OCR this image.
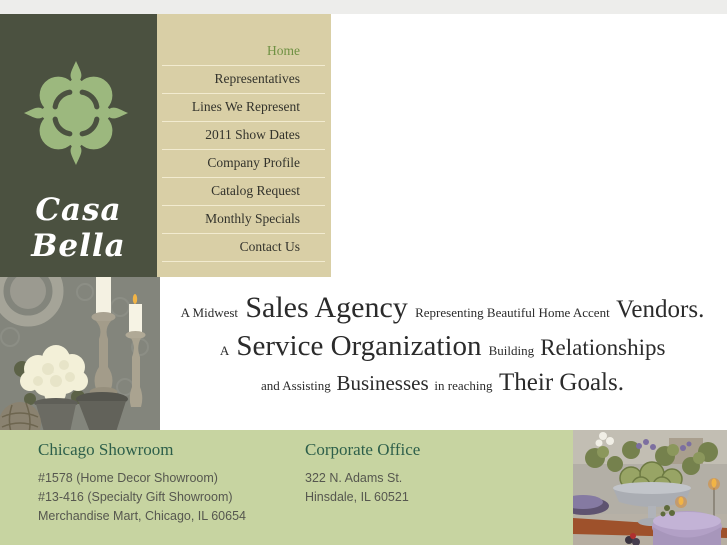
Casa Bella
Home
Representatives
Lines We Represent
2011 Show Dates
Company Profile
Catalog Request
Monthly Specials
Contact Us
A Midwest Sales Agency Representing Beautiful Home Accent Vendors.
A Service Organization Building Relationships
and Assisting Businesses in reaching Their Goals.
Chicago Showroom
#1578 (Home Decor Showroom)
#13-416 (Specialty Gift Showroom)
Merchandise Mart, Chicago, IL 60654
Corporate Office
322 N. Adams St.
Hinsdale, IL 60521
